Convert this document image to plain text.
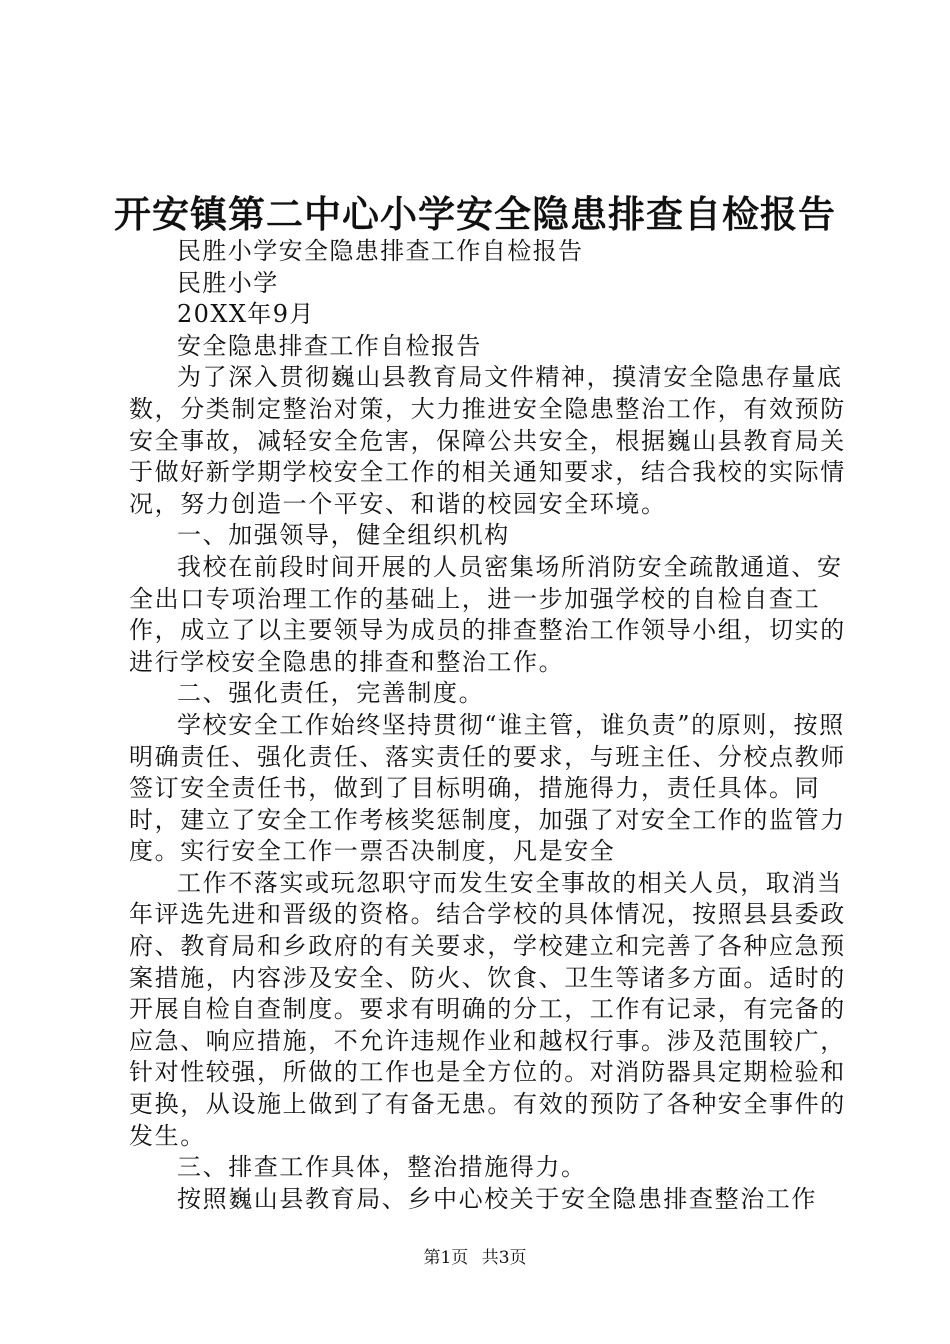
开安镇第二中心小学安全隐患排查自检报告

民胜小学安全隐患排查工作自检报告

民胜小学

20XX年9月

安全隐患排查工作自检报告

为了深入贯彻巍山县教育局文件精神，摸清安全隐患存量底数，分类制定整治对策，大力推进安全隐患整治工作，有效预防安全事故，减轻安全危害，保障公共安全，根据巍山县教育局关于做好新学期学校安全工作的相关通知要求，结合我校的实际情况，努力创造一个平安、和谐的校园安全环境。

一、加强领导，健全组织机构

我校在前段时间开展的人员密集场所消防安全疏散通道、安全出口专项治理工作的基础上，进一步加强学校的自检自查工作，成立了以主要领导为成员的排查整治工作领导小组，切实的进行学校安全隐患的排查和整治工作。

二、强化责任，完善制度。

学校安全工作始终坚持贯彻“谁主管，谁负责”的原则，按照明确责任、强化责任、落实责任的要求，与班主任、分校点教师签订安全责任书，做到了目标明确，措施得力，责任具体。同时，建立了安全工作考核奖惩制度，加强了对安全工作的监管力度。实行安全工作一票否决制度，凡是安全

工作不落实或玩忽职守而发生安全事故的相关人员，取消当年评选先进和晋级的资格。结合学校的具体情况，按照县县委政府、教育局和乡政府的有关要求，学校建立和完善了各种应急预案措施，内容涉及安全、防火、饮食、卫生等诸多方面。适时的开展自检自查制度。要求有明确的分工，工作有记录，有完备的应急、响应措施，不允许违规作业和越权行事。涉及范围较广，针对性较强，所做的工作也是全方位的。对消防器具定期检验和更换，从设施上做到了有备无患。有效的预防了各种安全事件的发生。

三、排查工作具体，整治措施得力。

按照巍山县教育局、乡中心校关于安全隐患排查整治工作

第1页 共3页
